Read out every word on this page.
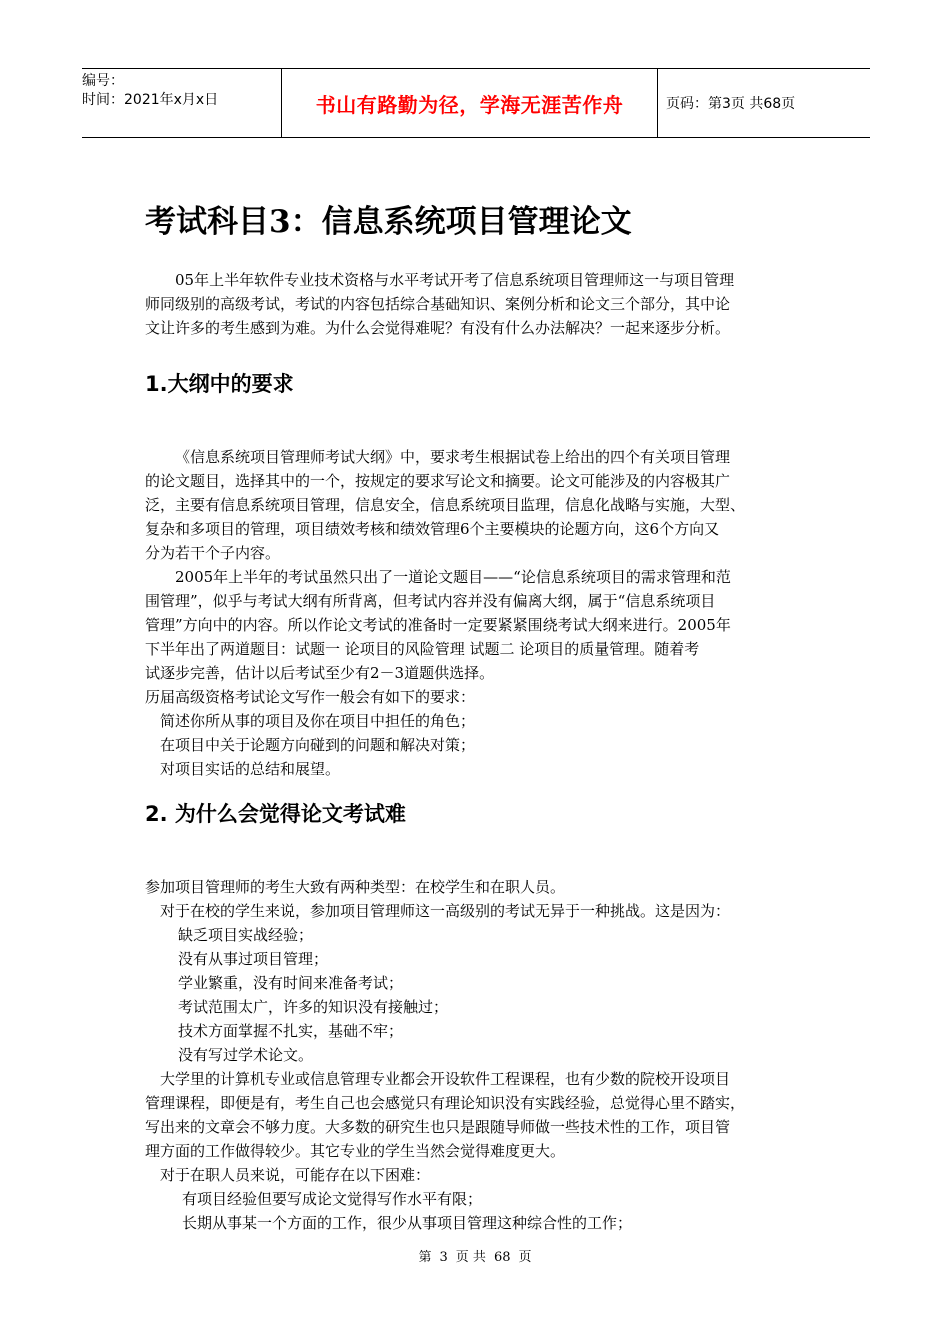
编号：
时间：2021年x月x日	书山有路勤为径，学海无涯苦作舟	页码：第3页 共68页
考试科目3：信息系统项目管理论文

05年上半年软件专业技术资格与水平考试开考了信息系统项目管理师这一与项目管理

师同级别的高级考试，考试的内容包括综合基础知识、案例分析和论文三个部分，其中论

文让许多的考生感到为难。为什么会觉得难呢？有没有什么办法解决？一起来逐步分析。

1.大纲中的要求

《信息系统项目管理师考试大纲》中，要求考生根据试卷上给出的四个有关项目管理

的论文题目，选择其中的一个，按规定的要求写论文和摘要。论文可能涉及的内容极其广

泛，主要有信息系统项目管理，信息安全，信息系统项目监理，信息化战略与实施，大型、

复杂和多项目的管理，项目绩效考核和绩效管理6个主要模块的论题方向，这6个方向又

分为若干个子内容。

2005年上半年的考试虽然只出了一道论文题目——“论信息系统项目的需求管理和范

围管理”，似乎与考试大纲有所背离，但考试内容并没有偏离大纲，属于“信息系统项目

管理”方向中的内容。所以作论文考试的准备时一定要紧紧围绕考试大纲来进行。2005年

下半年出了两道题目：试题一 论项目的风险管理 试题二 论项目的质量管理。随着考

试逐步完善，估计以后考试至少有2－3道题供选择。

历届高级资格考试论文写作一般会有如下的要求：

简述你所从事的项目及你在项目中担任的角色；

在项目中关于论题方向碰到的问题和解决对策；

对项目实话的总结和展望。

2. 为什么会觉得论文考试难

参加项目管理师的考生大致有两种类型：在校学生和在职人员。

对于在校的学生来说，参加项目管理师这一高级别的考试无异于一种挑战。这是因为：

缺乏项目实战经验；

没有从事过项目管理；

学业繁重，没有时间来准备考试；

考试范围太广，许多的知识没有接触过；

技术方面掌握不扎实，基础不牢；

没有写过学术论文。

大学里的计算机专业或信息管理专业都会开设软件工程课程，也有少数的院校开设项目

管理课程，即便是有，考生自己也会感觉只有理论知识没有实践经验，总觉得心里不踏实，

写出来的文章会不够力度。大多数的研究生也只是跟随导师做一些技术性的工作，项目管

理方面的工作做得较少。其它专业的学生当然会觉得难度更大。

对于在职人员来说，可能存在以下困难：

有项目经验但要写成论文觉得写作水平有限；

长期从事某一个方面的工作，很少从事项目管理这种综合性的工作；

第 3 页 共 68 页
